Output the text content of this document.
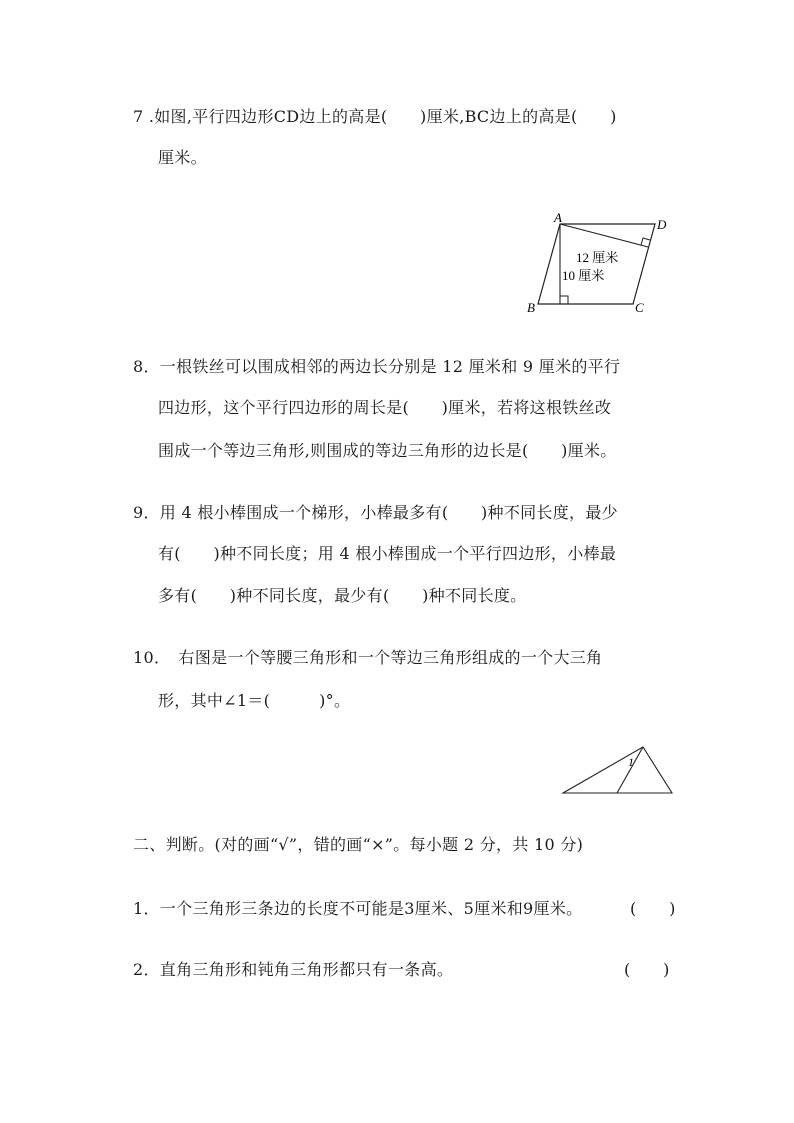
7 .如图,平行四边形CD边上的高是(　　)厘米,BC边上的高是(　　)
厘米。
A	D
B	C
12 厘米
10 厘米
8．一根铁丝可以围成相邻的两边长分别是 12 厘米和 9 厘米的平行
四边形，这个平行四边形的周长是(　　)厘米，若将这根铁丝改
围成一个等边三角形,则围成的等边三角形的边长是(　　)厘米。
9．用 4 根小棒围成一个梯形，小棒最多有(　　)种不同长度，最少
有(　　)种不同长度；用 4 根小棒围成一个平行四边形，小棒最
多有(　　)种不同长度，最少有(　　)种不同长度。
10．　右图是一个等腰三角形和一个等边三角形组成的一个大三角
形，其中∠1＝(　　　)°。
1
二、判断。(对的画“√”，错的画“×”。每小题 2 分，共 10 分)
1．一个三角形三条边的长度不可能是3厘米、5厘米和9厘米。	(　　)
2．直角三角形和钝角三角形都只有一条高。	(　　)
